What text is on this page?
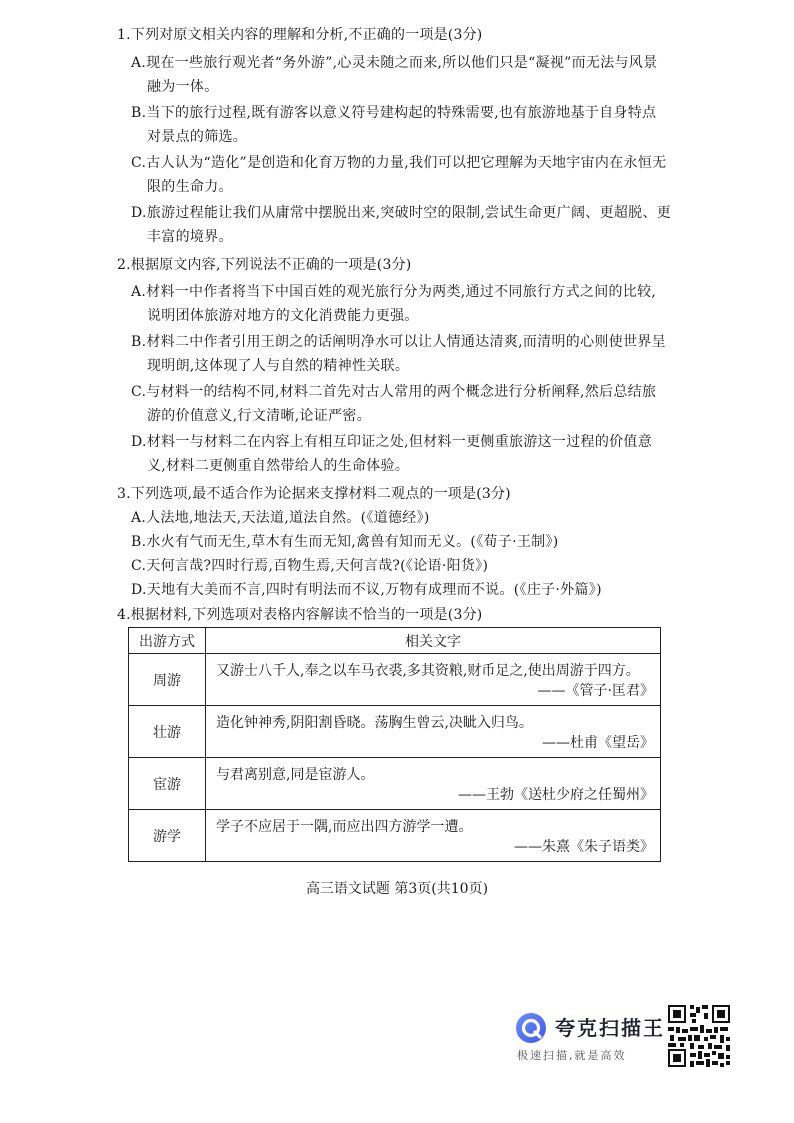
1.下列对原文相关内容的理解和分析,不正确的一项是(3分)
A.现在一些旅行观光者“务外游”,心灵未随之而来,所以他们只是“凝视”而无法与风景
融为一体。
B.当下的旅行过程,既有游客以意义符号建构起的特殊需要,也有旅游地基于自身特点
对景点的筛选。
C.古人认为“造化”是创造和化育万物的力量,我们可以把它理解为天地宇宙内在永恒无
限的生命力。
D.旅游过程能让我们从庸常中摆脱出来,突破时空的限制,尝试生命更广阔、更超脱、更
丰富的境界。
2.根据原文内容,下列说法不正确的一项是(3分)
A.材料一中作者将当下中国百姓的观光旅行分为两类,通过不同旅行方式之间的比较,
说明团体旅游对地方的文化消费能力更强。
B.材料二中作者引用王朗之的话阐明净水可以让人情通达清爽,而清明的心则使世界呈
现明朗,这体现了人与自然的精神性关联。
C.与材料一的结构不同,材料二首先对古人常用的两个概念进行分析阐释,然后总结旅
游的价值意义,行文清晰,论证严密。
D.材料一与材料二在内容上有相互印证之处,但材料一更侧重旅游这一过程的价值意
义,材料二更侧重自然带给人的生命体验。
3.下列选项,最不适合作为论据来支撑材料二观点的一项是(3分)
A.人法地,地法天,天法道,道法自然。(《道德经》)
B.水火有气而无生,草木有生而无知,禽兽有知而无义。(《荀子·王制》)
C.天何言哉?四时行焉,百物生焉,天何言哉?(《论语·阳货》)
D.天地有大美而不言,四时有明法而不议,万物有成理而不说。(《庄子·外篇》)
4.根据材料,下列选项对表格内容解读不恰当的一项是(3分)
出游方式	相关文字
周游	又游士八千人,奉之以车马衣裘,多其资粮,财币足之,使出周游于四方。
——《管子·匡君》

壮游	造化钟神秀,阴阳割昏晓。荡胸生曾云,决眦入归鸟。
——杜甫《望岳》

宦游	与君离别意,同是宦游人。
——王勃《送杜少府之任蜀州》

游学	学子不应居于一隅,而应出四方游学一遭。
——朱熹《朱子语类》
高三语文试题 第3页(共10页)
夸克扫描王
极速扫描,就是高效
